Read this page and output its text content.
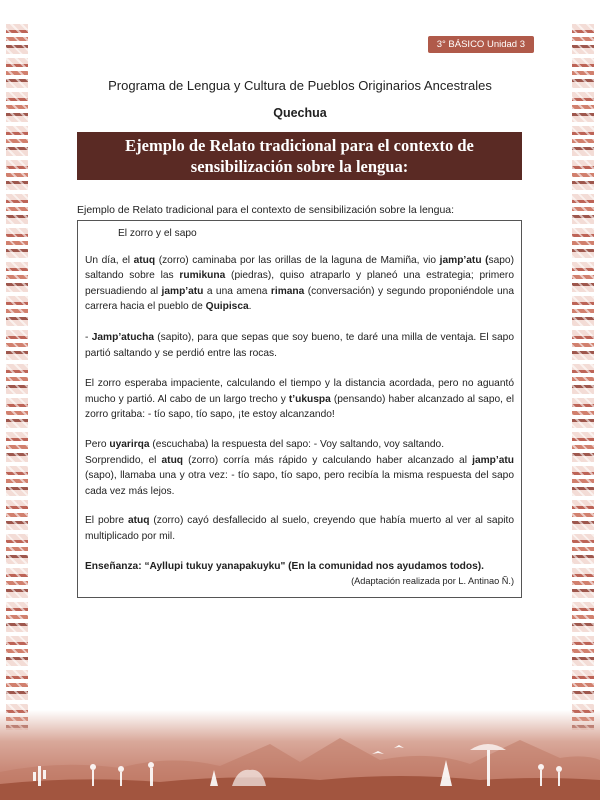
3° BÁSICO Unidad 3
Programa de Lengua y Cultura de Pueblos Originarios Ancestrales
Quechua
Ejemplo de Relato tradicional para el contexto de
sensibilización sobre la lengua:
Ejemplo de Relato tradicional para el contexto de sensibilización sobre la lengua:
El zorro y el sapo

Un día, el atuq (zorro) caminaba por las orillas de la laguna de Mamiña, vio jamp’atu (sapo) saltando sobre las rumikuna (piedras), quiso atraparlo y planeó una estrategia; primero persuadiendo al jamp’atu a una amena rimana (conversación) y segundo proponiéndole una carrera hacia el pueblo de Quipisca.

- Jamp’atucha (sapito), para que sepas que soy bueno, te daré una milla de ventaja. El sapo partió saltando y se perdió entre las rocas.

El zorro esperaba impaciente, calculando el tiempo y la distancia acordada, pero no aguantó mucho y partió. Al cabo de un largo trecho y t’ukuspa (pensando) haber alcanzado al sapo, el zorro gritaba: - tío sapo, tío sapo, ¡te estoy alcanzando!

Pero uyarirqa (escuchaba) la respuesta del sapo: - Voy saltando, voy saltando.

Sorprendido, el atuq (zorro) corría más rápido y calculando haber alcanzado al jamp’atu (sapo), llamaba una y otra vez: - tío sapo, tío sapo, pero recibía la misma respuesta del sapo cada vez más lejos.

El pobre atuq (zorro) cayó desfallecido al suelo, creyendo que había muerto al ver al sapito multiplicado por mil.

Enseñanza: “Ayllupi tukuy yanapakuykuʺ (En la comunidad nos ayudamos todos).

(Adaptación realizada por L. Antinao Ñ.)
